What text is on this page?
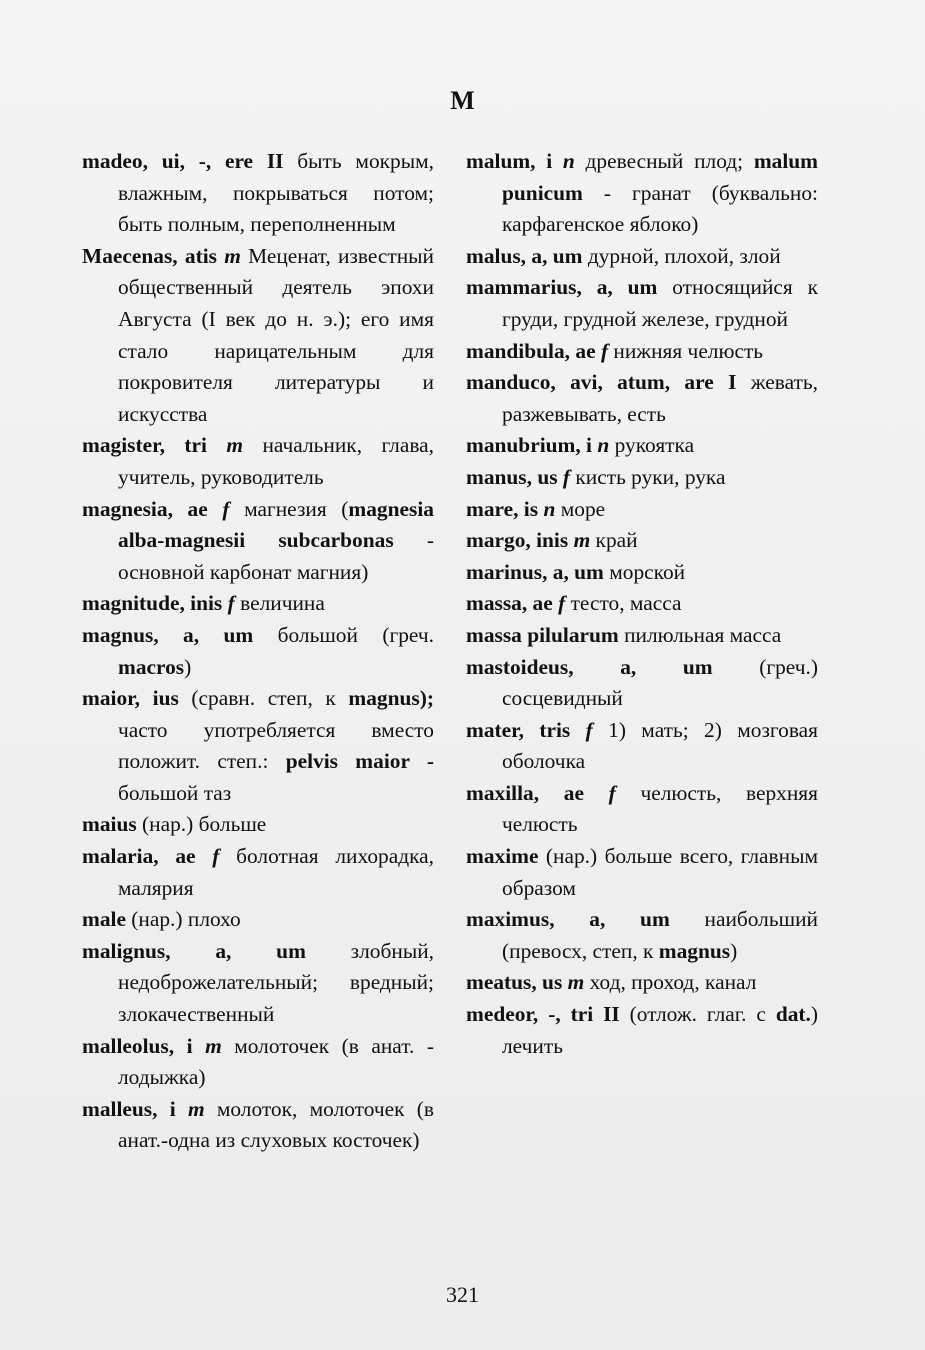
M

madeo, ui, -, ere II быть мокрым, влажным, покрываться потом; быть полным, переполненным

Maecenas, atis m Меценат, известный общественный деятель эпохи Августа (I век до н. э.); его имя стало нарицательным для покровителя литературы и искусства

magister, tri m начальник, глава, учитель, руководитель

magnesia, ae f магнезия (magnesia alba-magnesii subcarbonas - основной карбонат магния)

magnitude, inis f величина

magnus, a, um большой (греч. macros)

maior, ius (сравн. степ, к magnus); часто употребляется вместо положит. степ.: pelvis maior - большой таз

maius (нар.) больше

malaria, ae f болотная лихорадка, малярия

male (нар.) плохо

malignus, a, um злобный, недоброжелательный; вредный; злокачественный

malleolus, i m молоточек (в анат. - лодыжка)

malleus, i m молоток, молоточек (в анат.-одна из слуховых косточек)

malum, i n древесный плод; malum punicum - гранат (буквально: карфагенское яблоко)

malus, a, um дурной, плохой, злой

mammarius, a, um относящийся к груди, грудной железе, грудной

mandibula, ae f нижняя челюсть

manduco, avi, atum, are I жевать, разжевывать, есть

manubrium, i n рукоятка

manus, us f кисть руки, рука

mare, is n море

margo, inis m край

marinus, a, um морской

massa, ae f тесто, масса

massa pilularum пилюльная масса

mastoideus, a, um (греч.) сосцевидный

mater, tris f 1) мать; 2) мозговая оболочка

maxilla, ae f челюсть, верхняя челюсть

maxime (нар.) больше всего, главным образом

maximus, a, um наибольший (превосх, степ, к magnus)

meatus, us m ход, проход, канал

medeor, -, tri II (отлож. глаг. с dat.) лечить

321
